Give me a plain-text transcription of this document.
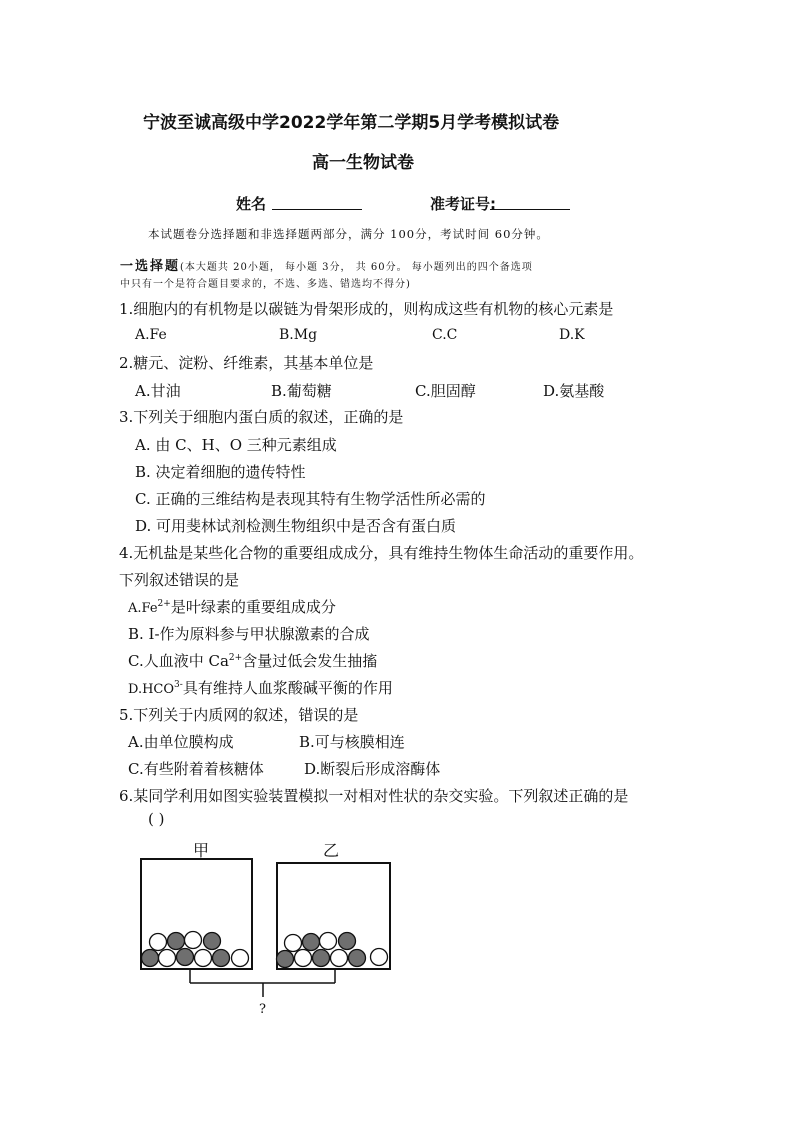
宁波至诚高级中学2022学年第二学期5月学考模拟试卷
高一生物试卷
姓名	准考证号:
本试题卷分选择题和非选择题两部分，满分 100分，考试时间 60分钟。
一选择题(本大题共 20小题， 每小题 3分， 共 60分。 每小题列出的四个备选项
中只有一个是符合题目要求的，不选、多选、错选均不得分)
1.细胞内的有机物是以碳链为骨架形成的，则构成这些有机物的核心元素是
A.Fe	B.Mg	C.C	D.K
2.糖元、淀粉、纤维素，其基本单位是
A.甘油	B.葡萄糖	C.胆固醇	D.氨基酸
3.下列关于细胞内蛋白质的叙述，正确的是
A. 由 C、H、O 三种元素组成
B. 决定着细胞的遗传特性
C. 正确的三维结构是表现其特有生物学活性所必需的
D. 可用斐林试剂检测生物组织中是否含有蛋白质
4.无机盐是某些化合物的重要组成成分，具有维持生物体生命活动的重要作用。
下列叙述错误的是
$A.Fe^{2+}$是叶绿素的重要组成成分
B. I-作为原料参与甲状腺激素的合成
C.人血液中 $Ca^{2+}$含量过低会发生抽搐
$D.HCO^{3-}$具有维持人血浆酸碱平衡的作用
5.下列关于内质网的叙述，错误的是
A.由单位膜构成	B.可与核膜相连
C.有些附着着核糖体	D.断裂后形成溶酶体
6.某同学利用如图实验装置模拟一对相对性状的杂交实验。下列叙述正确的是
( )
甲	乙
?
